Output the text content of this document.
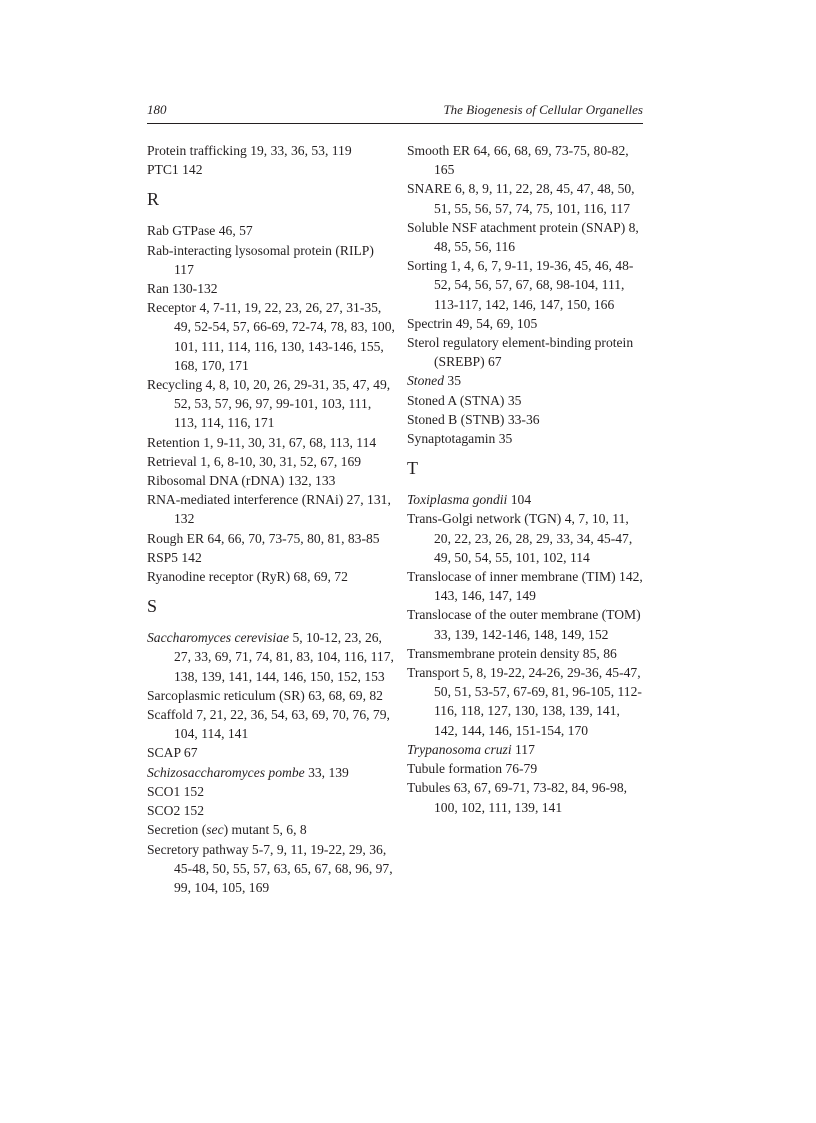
180	The Biogenesis of Cellular Organelles
Protein trafficking 19, 33, 36, 53, 119
PTC1 142
R
Rab GTPase 46, 57
Rab-interacting lysosomal protein (RILP) 117
Ran 130-132
Receptor 4, 7-11, 19, 22, 23, 26, 27, 31-35, 49, 52-54, 57, 66-69, 72-74, 78, 83, 100, 101, 111, 114, 116, 130, 143-146, 155, 168, 170, 171
Recycling 4, 8, 10, 20, 26, 29-31, 35, 47, 49, 52, 53, 57, 96, 97, 99-101, 103, 111, 113, 114, 116, 171
Retention 1, 9-11, 30, 31, 67, 68, 113, 114
Retrieval 1, 6, 8-10, 30, 31, 52, 67, 169
Ribosomal DNA (rDNA) 132, 133
RNA-mediated interference (RNAi) 27, 131, 132
Rough ER 64, 66, 70, 73-75, 80, 81, 83-85
RSP5 142
Ryanodine receptor (RyR) 68, 69, 72
S
Saccharomyces cerevisiae 5, 10-12, 23, 26, 27, 33, 69, 71, 74, 81, 83, 104, 116, 117, 138, 139, 141, 144, 146, 150, 152, 153
Sarcoplasmic reticulum (SR) 63, 68, 69, 82
Scaffold 7, 21, 22, 36, 54, 63, 69, 70, 76, 79, 104, 114, 141
SCAP 67
Schizosaccharomyces pombe 33, 139
SCO1 152
SCO2 152
Secretion (sec) mutant 5, 6, 8
Secretory pathway 5-7, 9, 11, 19-22, 29, 36, 45-48, 50, 55, 57, 63, 65, 67, 68, 96, 97, 99, 104, 105, 169
Smooth ER 64, 66, 68, 69, 73-75, 80-82, 165
SNARE 6, 8, 9, 11, 22, 28, 45, 47, 48, 50, 51, 55, 56, 57, 74, 75, 101, 116, 117
Soluble NSF atachment protein (SNAP) 8, 48, 55, 56, 116
Sorting 1, 4, 6, 7, 9-11, 19-36, 45, 46, 48-52, 54, 56, 57, 67, 68, 98-104, 111, 113-117, 142, 146, 147, 150, 166
Spectrin 49, 54, 69, 105
Sterol regulatory element-binding protein (SREBP) 67
Stoned 35
Stoned A (STNA) 35
Stoned B (STNB) 33-36
Synaptotagamin 35
T
Toxiplasma gondii 104
Trans-Golgi network (TGN) 4, 7, 10, 11, 20, 22, 23, 26, 28, 29, 33, 34, 45-47, 49, 50, 54, 55, 101, 102, 114
Translocase of inner membrane (TIM) 142, 143, 146, 147, 149
Translocase of the outer membrane (TOM) 33, 139, 142-146, 148, 149, 152
Transmembrane protein density 85, 86
Transport 5, 8, 19-22, 24-26, 29-36, 45-47, 50, 51, 53-57, 67-69, 81, 96-105, 112-116, 118, 127, 130, 138, 139, 141, 142, 144, 146, 151-154, 170
Trypanosoma cruzi 117
Tubule formation 76-79
Tubules 63, 67, 69-71, 73-82, 84, 96-98, 100, 102, 111, 139, 141
